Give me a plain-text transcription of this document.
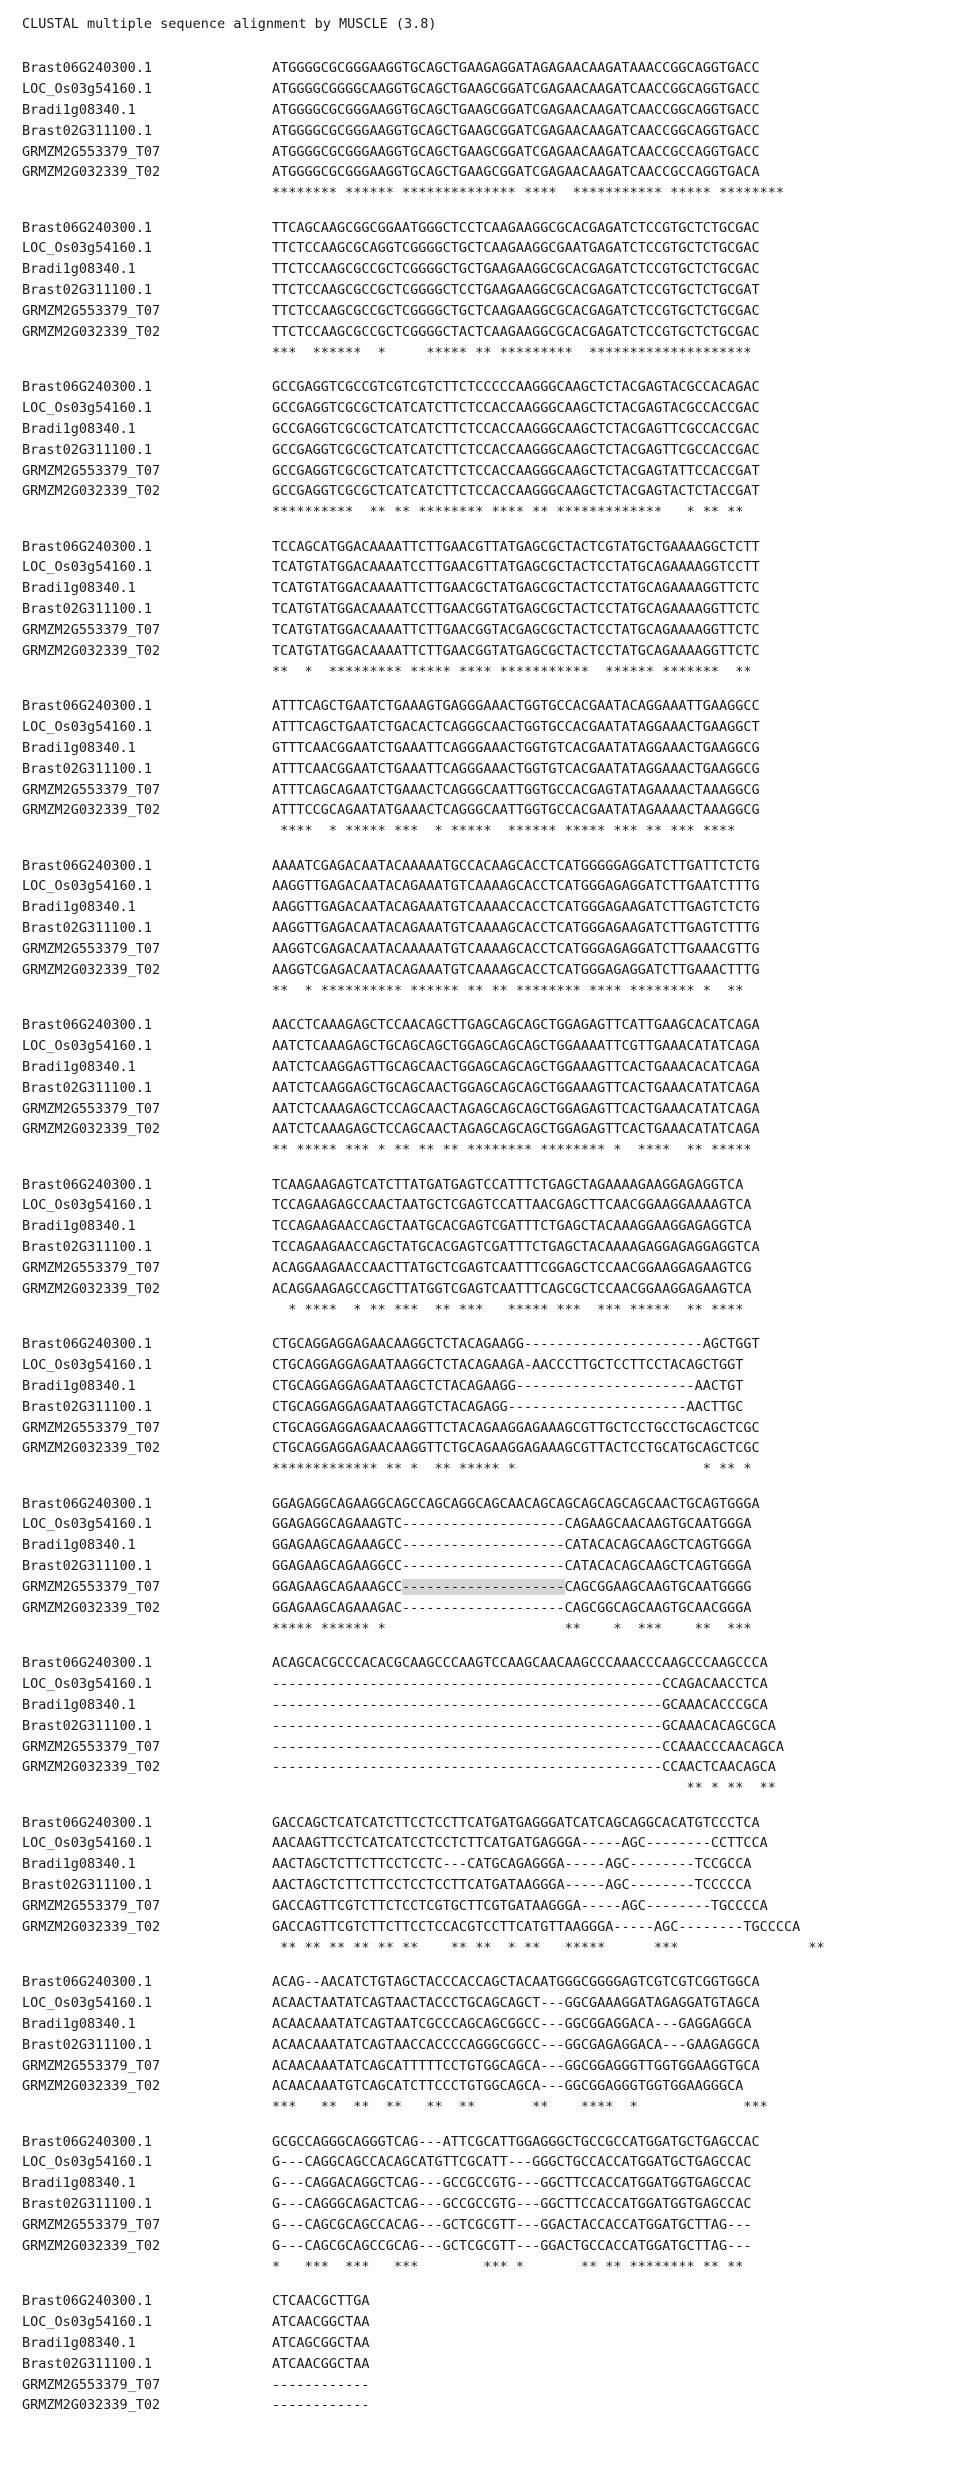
CLUSTAL multiple sequence alignment by MUSCLE (3.8)
Brast06G240300.1	ATGGGGCGCGGGAAGGTGCAGCTGAAGAGGATAGAGAACAAGATAAACCGGCAGGTGACC
LOC_Os03g54160.1	ATGGGGCGGGGCAAGGTGCAGCTGAAGCGGATCGAGAACAAGATCAACCGGCAGGTGACC
Bradi1g08340.1	ATGGGGCGCGGGAAGGTGCAGCTGAAGCGGATCGAGAACAAGATCAACCGGCAGGTGACC
Brast02G311100.1	ATGGGGCGCGGGAAGGTGCAGCTGAAGCGGATCGAGAACAAGATCAACCGGCAGGTGACC
GRMZM2G553379_T07	ATGGGGCGCGGGAAGGTGCAGCTGAAGCGGATCGAGAACAAGATCAACCGCCAGGTGACC
GRMZM2G032339_T02	ATGGGGCGCGGGAAGGTGCAGCTGAAGCGGATCGAGAACAAGATCAACCGCCAGGTGACA
******** ****** ************** ****  *********** ***** ********
Brast06G240300.1	TTCAGCAAGCGGCGGAATGGGCTCCTCAAGAAGGCGCACGAGATCTCCGTGCTCTGCGAC
LOC_Os03g54160.1	TTCTCCAAGCGCAGGTCGGGGCTGCTCAAGAAGGCGAATGAGATCTCCGTGCTCTGCGAC
Bradi1g08340.1	TTCTCCAAGCGCCGCTCGGGGCTGCTGAAGAAGGCGCACGAGATCTCCGTGCTCTGCGAC
Brast02G311100.1	TTCTCCAAGCGCCGCTCGGGGCTCCTGAAGAAGGCGCACGAGATCTCCGTGCTCTGCGAT
GRMZM2G553379_T07	TTCTCCAAGCGCCGCTCGGGGCTGCTCAAGAAGGCGCACGAGATCTCCGTGCTCTGCGAC
GRMZM2G032339_T02	TTCTCCAAGCGCCGCTCGGGGCTACTCAAGAAGGCGCACGAGATCTCCGTGCTCTGCGAC
***  ******  *     ***** ** *********  ********************
Brast06G240300.1	GCCGAGGTCGCCGTCGTCGTCTTCTCCCCCAAGGGCAAGCTCTACGAGTACGCCACAGAC
LOC_Os03g54160.1	GCCGAGGTCGCGCTCATCATCTTCTCCACCAAGGGCAAGCTCTACGAGTACGCCACCGAC
Bradi1g08340.1	GCCGAGGTCGCGCTCATCATCTTCTCCACCAAGGGCAAGCTCTACGAGTTCGCCACCGAC
Brast02G311100.1	GCCGAGGTCGCGCTCATCATCTTCTCCACCAAGGGCAAGCTCTACGAGTTCGCCACCGAC
GRMZM2G553379_T07	GCCGAGGTCGCGCTCATCATCTTCTCCACCAAGGGCAAGCTCTACGAGTATTCCACCGAT
GRMZM2G032339_T02	GCCGAGGTCGCGCTCATCATCTTCTCCACCAAGGGCAAGCTCTACGAGTACTCTACCGAT
**********  ** ** ******** **** ** *************   * ** **
Brast06G240300.1	TCCAGCATGGACAAAATTCTTGAACGTTATGAGCGCTACTCGTATGCTGAAAAGGCTCTT
LOC_Os03g54160.1	TCATGTATGGACAAAATCCTTGAACGTTATGAGCGCTACTCCTATGCAGAAAAGGTCCTT
Bradi1g08340.1	TCATGTATGGACAAAATTCTTGAACGCTATGAGCGCTACTCCTATGCAGAAAAGGTTCTC
Brast02G311100.1	TCATGTATGGACAAAATCCTTGAACGGTATGAGCGCTACTCCTATGCAGAAAAGGTTCTC
GRMZM2G553379_T07	TCATGTATGGACAAAATTCTTGAACGGTACGAGCGCTACTCCTATGCAGAAAAGGTTCTC
GRMZM2G032339_T02	TCATGTATGGACAAAATTCTTGAACGGTATGAGCGCTACTCCTATGCAGAAAAGGTTCTC
**  *  ********* ***** **** ***********  ****** *******  **
Brast06G240300.1	ATTTCAGCTGAATCTGAAAGTGAGGGAAACTGGTGCCACGAATACAGGAAATTGAAGGCC
LOC_Os03g54160.1	ATTTCAGCTGAATCTGACACTCAGGGCAACTGGTGCCACGAATATAGGAAACTGAAGGCT
Bradi1g08340.1	GTTTCAACGGAATCTGAAATTCAGGGAAACTGGTGTCACGAATATAGGAAACTGAAGGCG
Brast02G311100.1	ATTTCAACGGAATCTGAAATTCAGGGAAACTGGTGTCACGAATATAGGAAACTGAAGGCG
GRMZM2G553379_T07	ATTTCAGCAGAATCTGAAACTCAGGGCAATTGGTGCCACGAGTATAGAAAACTAAAGGCG
GRMZM2G032339_T02	ATTTCCGCAGAATATGAAACTCAGGGCAATTGGTGCCACGAATATAGAAAACTAAAGGCG
****  * ***** ***  * *****  ****** ***** *** ** *** ****
Brast06G240300.1	AAAATCGAGACAATACAAAAATGCCACAAGCACCTCATGGGGGAGGATCTTGATTCTCTG
LOC_Os03g54160.1	AAGGTTGAGACAATACAGAAATGTCAAAAGCACCTCATGGGAGAGGATCTTGAATCTTTG
Bradi1g08340.1	AAGGTTGAGACAATACAGAAATGTCAAAACCACCTCATGGGAGAAGATCTTGAGTCTCTG
Brast02G311100.1	AAGGTTGAGACAATACAGAAATGTCAAAAGCACCTCATGGGAGAAGATCTTGAGTCTTTG
GRMZM2G553379_T07	AAGGTCGAGACAATACAAAAATGTCAAAAGCACCTCATGGGAGAGGATCTTGAAACGTTG
GRMZM2G032339_T02	AAGGTCGAGACAATACAGAAATGTCAAAAGCACCTCATGGGAGAGGATCTTGAAACTTTG
**  * ********** ****** ** ** ******** **** ******** *  **
Brast06G240300.1	AACCTCAAAGAGCTCCAACAGCTTGAGCAGCAGCTGGAGAGTTCATTGAAGCACATCAGA
LOC_Os03g54160.1	AATCTCAAAGAGCTGCAGCAGCTGGAGCAGCAGCTGGAAAATTCGTTGAAACATATCAGA
Bradi1g08340.1	AATCTCAAGGAGTTGCAGCAACTGGAGCAGCAGCTGGAAAGTTCACTGAAACACATCAGA
Brast02G311100.1	AATCTCAAGGAGCTGCAGCAACTGGAGCAGCAGCTGGAAAGTTCACTGAAACATATCAGA
GRMZM2G553379_T07	AATCTCAAAGAGCTCCAGCAACTAGAGCAGCAGCTGGAGAGTTCACTGAAACATATCAGA
GRMZM2G032339_T02	AATCTCAAAGAGCTCCAGCAACTAGAGCAGCAGCTGGAGAGTTCACTGAAACATATCAGA
** ***** *** * ** ** ** ******** ******** *  ****  ** *****
Brast06G240300.1	TCAAGAAGAGTCATCTTATGATGAGTCCATTTCTGAGCTAGAAAAGAAGGAGAGGTCA
LOC_Os03g54160.1	TCCAGAAGAGCCAACTAATGCTCGAGTCCATTAACGAGCTTCAACGGAAGGAAAAGTCA
Bradi1g08340.1	TCCAGAAGAACCAGCTAATGCACGAGTCGATTTCTGAGCTACAAAGGAAGGAGAGGTCA
Brast02G311100.1	TCCAGAAGAACCAGCTATGCACGAGTCGATTTCTGAGCTACAAAAGAGGAGAGGAGGTCA
GRMZM2G553379_T07	ACAGGAAGAACCAACTTATGCTCGAGTCAATTTCGGAGCTCCAACGGAAGGAGAAGTCG
GRMZM2G032339_T02	ACAGGAAGAGCCAGCTTATGGTCGAGTCAATTTCAGCGCTCCAACGGAAGGAGAAGTCA
* ****  * ** ***  ** ***   ***** ***  *** *****  ** ****
Brast06G240300.1	CTGCAGGAGGAGAACAAGGCTCTACAGAAGG----------------------AGCTGGT
LOC_Os03g54160.1	CTGCAGGAGGAGAATAAGGCTCTACAGAAGA-AACCCTTGCTCCTTCCTACAGCTGGT
Bradi1g08340.1	CTGCAGGAGGAGAATAAGCTCTACAGAAGG----------------------AACTGT
Brast02G311100.1	CTGCAGGAGGAGAATAAGGTCTACAGAGG----------------------AACTTGC
GRMZM2G553379_T07	CTGCAGGAGGAGAACAAGGTTCTACAGAAGGAGAAAGCGTTGCTCCTGCCTGCAGCTCGC
GRMZM2G032339_T02	CTGCAGGAGGAGAACAAGGTTCTGCAGAAGGAGAAAGCGTTACTCCTGCATGCAGCTCGC
************* ** *  ** ***** *                       * ** *
Brast06G240300.1	GGAGAGGCAGAAGGCAGCCAGCAGGCAGCAACAGCAGCAGCAGCAGCAACTGCAGTGGGA
LOC_Os03g54160.1	GGAGAGGCAGAAAGTC--------------------CAGAAGCAACAAGTGCAATGGGA
Bradi1g08340.1	GGAGAAGCAGAAAGCC--------------------CATACACAGCAAGCTCAGTGGGA
Brast02G311100.1	GGAGAAGCAGAAGGCC--------------------CATACACAGCAAGCTCAGTGGGA
GRMZM2G553379_T07	GGAGAAGCAGAAAGCC--------------------CAGCGGAAGCAAGTGCAATGGGG
GRMZM2G032339_T02	GGAGAAGCAGAAAGAC--------------------CAGCGGCAGCAAGTGCAACGGGA
***** ****** *                      **    *  ***    **  ***
Brast06G240300.1	ACAGCACGCCCACACGCAAGCCCAAGTCCAAGCAACAAGCCCAAACCCAAGCCCAAGCCCA
LOC_Os03g54160.1	------------------------------------------------CCAGACAACCTCA
Bradi1g08340.1	------------------------------------------------GCAAACACCCGCA
Brast02G311100.1	------------------------------------------------GCAAACACAGCGCA
GRMZM2G553379_T07	------------------------------------------------CCAAACCCAACAGCA
GRMZM2G032339_T02	------------------------------------------------CCAACTCAACAGCA
** * **  **
Brast06G240300.1	GACCAGCTCATCATCTTCCTCCTTCATGATGAGGGATCATCAGCAGGCACATGTCCCTCA
LOC_Os03g54160.1	AACAAGTTCCTCATCATCCTCCTCTTCATGATGAGGGA-----AGC--------CCTTCCA
Bradi1g08340.1	AACTAGCTCTTCTTCCTCCTC---CATGCAGAGGGA-----AGC--------TCCGCCA
Brast02G311100.1	AACTAGCTCTTCTTCCTCCTCCTTCATGATAAGGGA-----AGC--------TCCCCCA
GRMZM2G553379_T07	GACCAGTTCGTCTTCTCCTCGTGCTTCGTGATAAGGGA-----AGC--------TGCCCCA
GRMZM2G032339_T02	GACCAGTTCGTCTTCTTCCTCCACGTCCTTCATGTTAAGGGA-----AGC--------TGCCCCA
** ** ** ** ** **    ** **  * **   *****      ***                **
Brast06G240300.1	ACAG--AACATCTGTAGCTACCCACCAGCTACAATGGGCGGGGAGTCGTCGTCGGTGGCA
LOC_Os03g54160.1	ACAACTAATATCAGTAACTACCCTGCAGCAGCT---GGCGAAAGGATAGAGGATGTAGCA
Bradi1g08340.1	ACAACAAATATCAGTAATCGCCCAGCAGCGGCC---GGCGGAGGACA---GAGGAGGCA
Brast02G311100.1	ACAACAAATATCAGTAACCACCCCAGGGCGGCC---GGCGAGAGGACA---GAAGAGGCA
GRMZM2G553379_T07	ACAACAAATATCAGCATTTTTCCTGTGGCAGCA---GGCGGAGGGTTGGTGGAAGGTGCA
GRMZM2G032339_T02	ACAACAAATGTCAGCATCTTCCCTGTGGCAGCA---GGCGGAGGGTGGTGGAAGGGCA
***   **  **  **   **  **       **    ****  *             ***
Brast06G240300.1	GCGCCAGGGCAGGGTCAG---ATTCGCATTGGAGGGCTGCCGCCATGGATGCTGAGCCAC
LOC_Os03g54160.1	G---CAGGCAGCCACAGCATGTTCGCATT---GGGCTGCCACCATGGATGCTGAGCCAC
Bradi1g08340.1	G---CAGGACAGGCTCAG---GCCGCCGTG---GGCTTCCACCATGGATGGTGAGCCAC
Brast02G311100.1	G---CAGGGCAGACTCAG---GCCGCCGTG---GGCTTCCACCATGGATGGTGAGCCAC
GRMZM2G553379_T07	G---CAGCGCAGCCACAG---GCTCGCGTT---GGACTACCACCATGGATGCTTAG---
GRMZM2G032339_T02	G---CAGCGCAGCCGCAG---GCTCGCGTT---GGACTGCCACCATGGATGCTTAG---
*   ***  ***   ***        *** *       ** ** ******** ** **
Brast06G240300.1	CTCAACGCTTGA
LOC_Os03g54160.1	ATCAACGGCTAA
Bradi1g08340.1	ATCAGCGGCTAA
Brast02G311100.1	ATCAACGGCTAA
GRMZM2G553379_T07	------------
GRMZM2G032339_T02	------------
